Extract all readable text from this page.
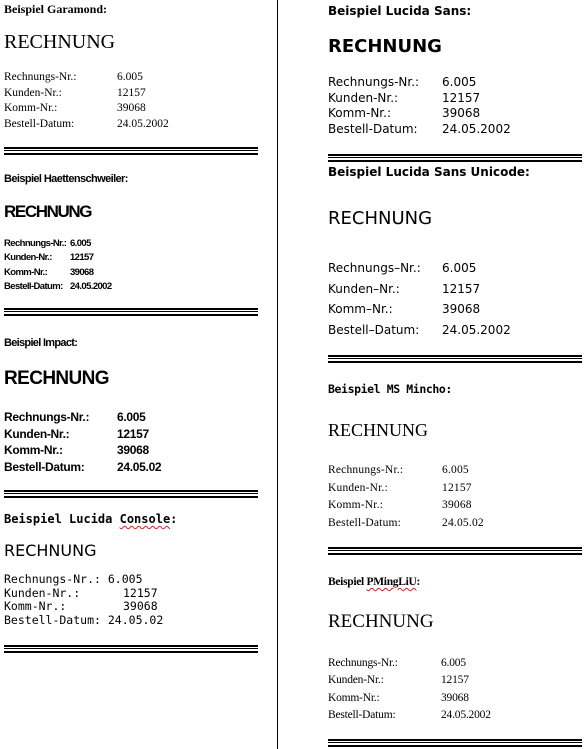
Beispiel Garamond:
RECHNUNG
Rechnungs-Nr.:	6.005
Kunden-Nr.:	12157
Komm-Nr.:	39068
Bestell-Datum:	24.05.2002
Beispiel Haettenschweiler:
RECHNUNG
Rechnungs-Nr.: 6.005
Kunden-Nr.: 12157
Komm-Nr.: 39068
Bestell-Datum: 24.05.2002
Beispiel Impact:
RECHNUNG
Rechnungs-Nr.: 6.005
Kunden-Nr.:	12157
Komm-Nr.:	39068
Bestell-Datum:	24.05.02
Beispiel Lucida Console:
RECHNUNG
Rechnungs-Nr.: 6.005
Kunden-Nr.:	12157
Komm-Nr.:	39068
Bestell-Datum: 24.05.02
Beispiel Lucida Sans:
RECHNUNG
Rechnungs-Nr.: 6.005
Kunden-Nr.:	12157
Komm-Nr.:	39068
Bestell-Datum: 24.05.2002
Beispiel Lucida Sans Unicode:
RECHNUNG
Rechnungs–Nr.: 6.005
Kunden–Nr.:	12157
Komm–Nr.:	39068
Bestell–Datum: 24.05.2002
Beispiel MS Mincho:
RECHNUNG
Rechnungs-Nr.:	6.005
Kunden-Nr.:	12157
Komm-Nr.:	39068
Bestell-Datum:	24.05.02
Beispiel PMingLiU:
RECHNUNG
Rechnungs-Nr.:	6.005
Kunden-Nr.:	12157
Komm-Nr.:	39068
Bestell-Datum:	24.05.2002
